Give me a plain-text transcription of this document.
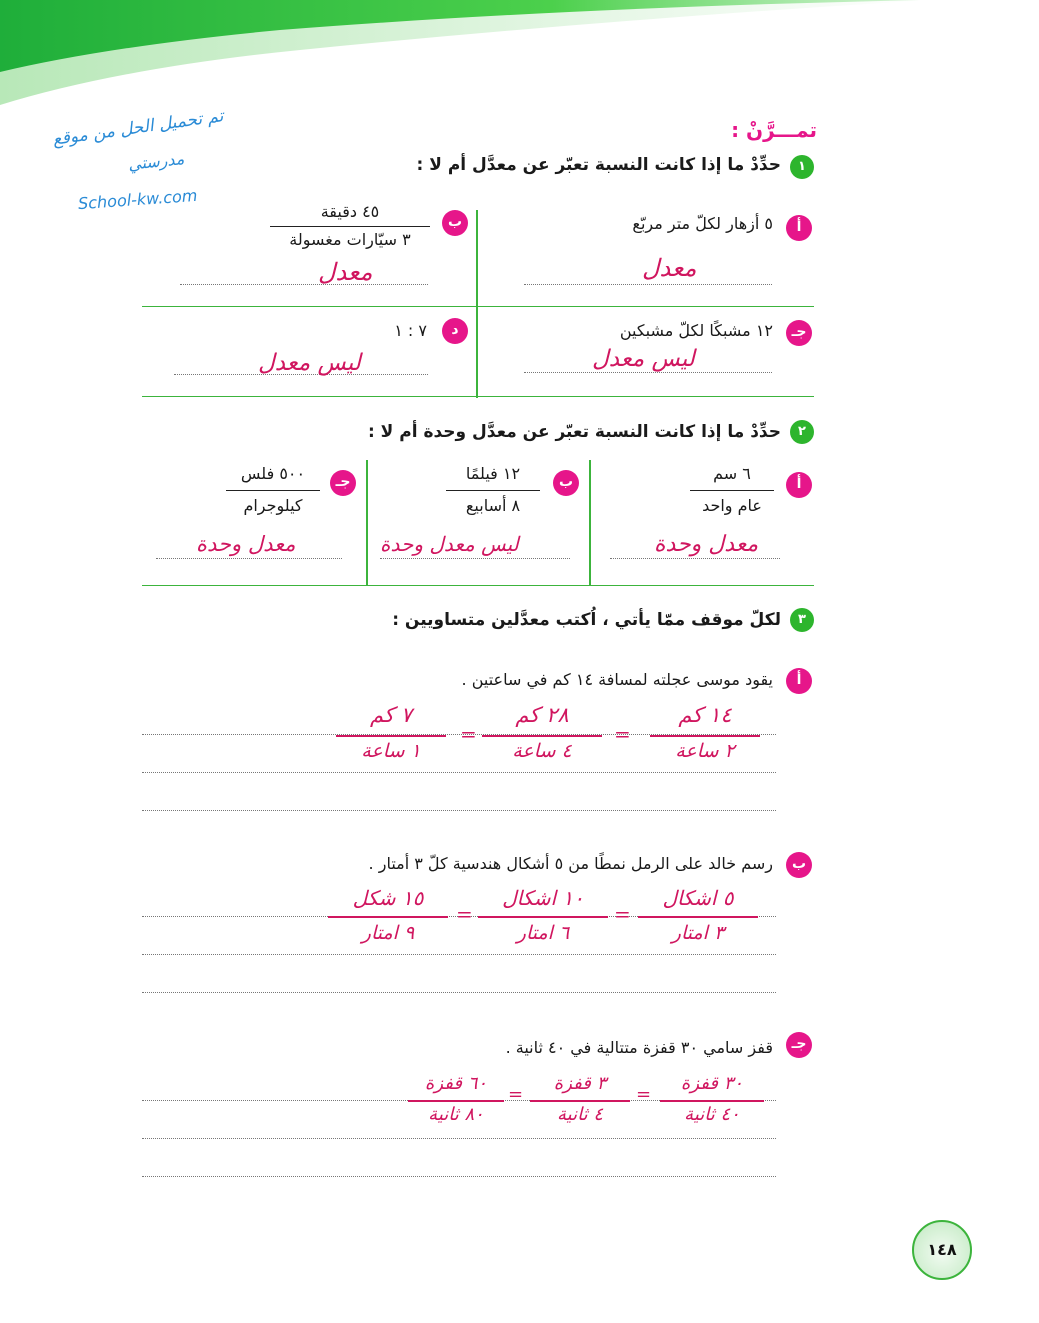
تم تحميل الحل من موقع
مدرستي
School-kw.com
تمـــرَّنْ :
١
حدِّدْ ما إذا كانت النسبة تعبّر عن معدَّل أم لا :
أ
٥ أزهار لكلّ متر مربّع
معدل
ب
٤٥ دقيقة
٣ سيّارات مغسولة
معدل
جـ
١٢ مشبكًا لكلّ مشبكين
ليس معدل
د
٧ : ١
ليس معدل
٢
حدِّدْ ما إذا كانت النسبة تعبّر عن معدَّل وحدة أم لا :
أ
٦ سم
عام واحد
معدل وحدة
ب
١٢ فيلمًا
٨ أسابيع
ليس معدل وحدة
جـ
٥٠٠ فلس
كيلوجرام
معدل وحدة
٣
لكلّ موقف ممّا يأتي ، اُكتب معدَّلين متساويين :
أ
يقود موسى عجلته لمسافة ١٤ كم في ساعتين .
١٤ كم
٢ ساعة
=
٢٨ كم
٤ ساعة
=
٧ كم
١ ساعة
ب
رسم خالد على الرمل نمطًا من ٥ أشكال هندسية كلّ ٣ أمتار .
٥ اشكال
٣ امتار
=
١٠ اشكال
٦ امتار
=
١٥ شكل
٩ امتار
جـ
قفز سامي ٣٠ قفزة متتالية في ٤٠ ثانية .
٣٠ قفزة
٤٠ ثانية
=
٣ قفزة
٤ ثانية
=
٦٠ قفزة
٨٠ ثانية
١٤٨
